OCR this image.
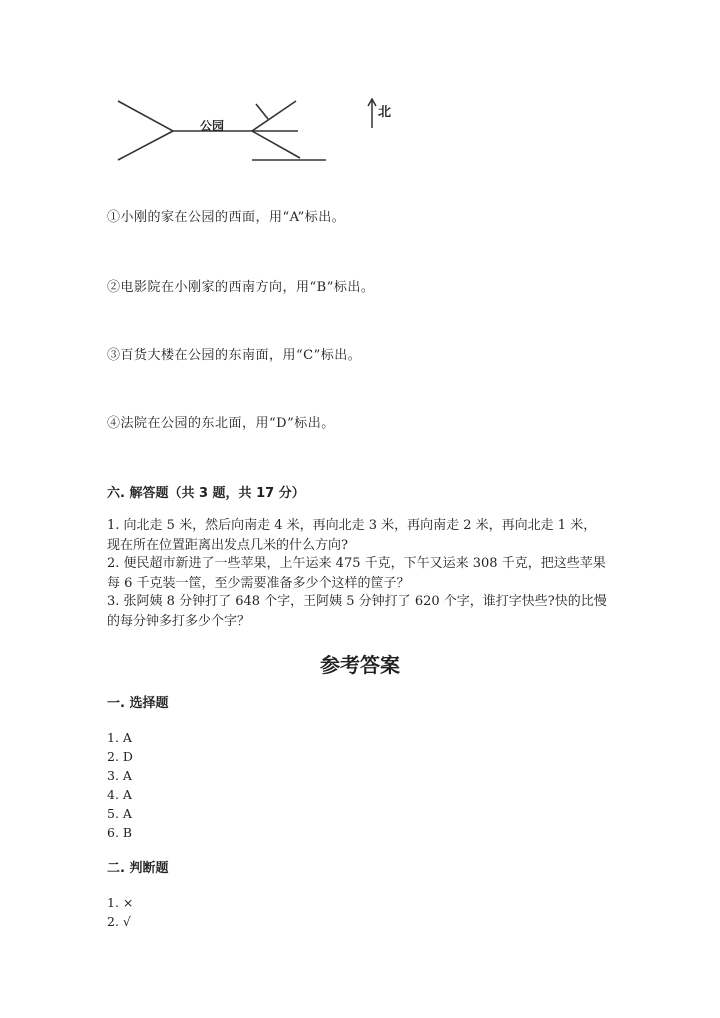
公园
北
①小刚的家在公园的西面，用“A”标出。
②电影院在小刚家的西南方向，用“B”标出。
③百货大楼在公园的东南面，用“C”标出。
④法院在公园的东北面，用“D”标出。
六. 解答题（共 3 题，共 17 分）
1. 向北走 5 米，然后向南走 4 米，再向北走 3 米，再向南走 2 米，再向北走 1 米，现在所在位置距离出发点几米的什么方向?
2. 便民超市新进了一些苹果，上午运来 475 千克，下午又运来 308 千克，把这些苹果每 6 千克装一筐，至少需要准备多少个这样的筐子？
3. 张阿姨 8 分钟打了 648 个字，王阿姨 5 分钟打了 620 个字，谁打字快些?快的比慢的每分钟多打多少个字？
参考答案
一. 选择题
1. A
2. D
3. A
4. A
5. A
6. B
二. 判断题
1. ×
2. √
